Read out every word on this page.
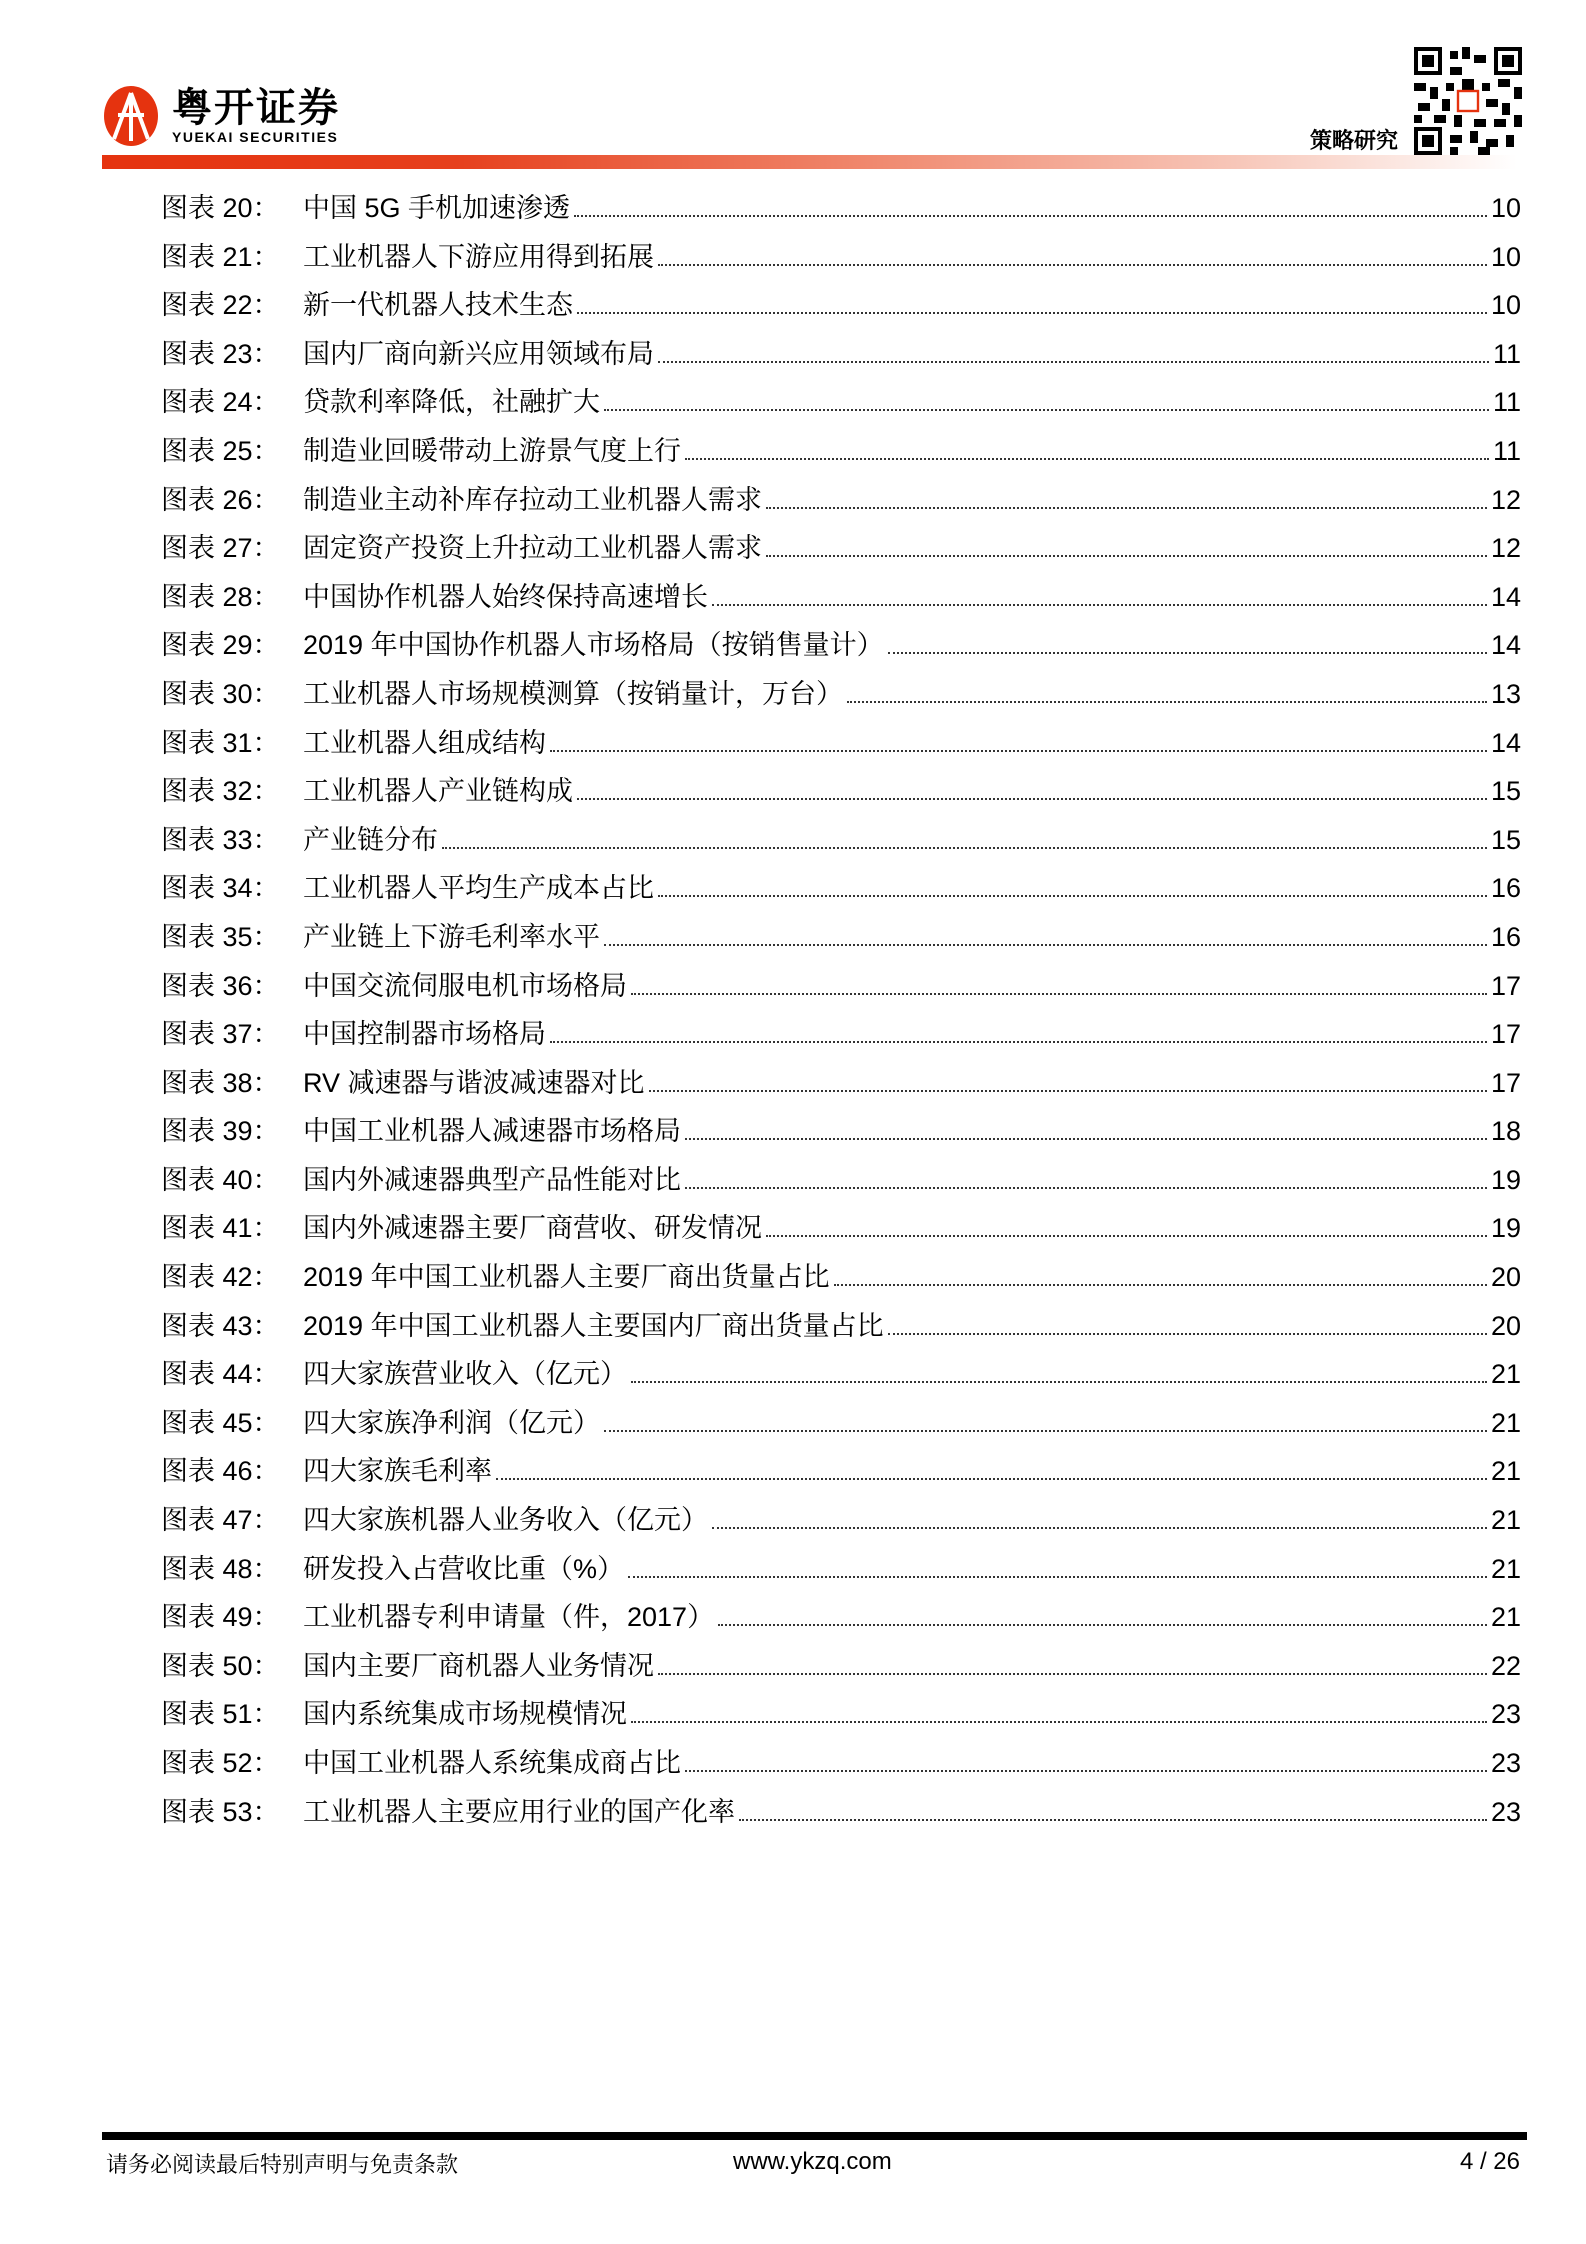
粤开证券
YUEKAI SECURITIES	策略研究
图表 20： 中国 5G 手机加速渗透	10
图表 21： 工业机器人下游应用得到拓展	10
图表 22： 新一代机器人技术生态	10
图表 23： 国内厂商向新兴应用领域布局	11
图表 24： 贷款利率降低，社融扩大	11
图表 25： 制造业回暖带动上游景气度上行	11
图表 26： 制造业主动补库存拉动工业机器人需求	12
图表 27： 固定资产投资上升拉动工业机器人需求	12
图表 28： 中国协作机器人始终保持高速增长	14
图表 29： 2019 年中国协作机器人市场格局（按销售量计）	14
图表 30： 工业机器人市场规模测算（按销量计，万台）	13
图表 31： 工业机器人组成结构	14
图表 32： 工业机器人产业链构成	15
图表 33： 产业链分布	15
图表 34： 工业机器人平均生产成本占比	16
图表 35： 产业链上下游毛利率水平	16
图表 36： 中国交流伺服电机市场格局	17
图表 37： 中国控制器市场格局	17
图表 38： RV 减速器与谐波减速器对比	17
图表 39： 中国工业机器人减速器市场格局	18
图表 40： 国内外减速器典型产品性能对比	19
图表 41： 国内外减速器主要厂商营收、研发情况	19
图表 42： 2019 年中国工业机器人主要厂商出货量占比	20
图表 43： 2019 年中国工业机器人主要国内厂商出货量占比	20
图表 44： 四大家族营业收入（亿元）	21
图表 45： 四大家族净利润（亿元）	21
图表 46： 四大家族毛利率	21
图表 47： 四大家族机器人业务收入（亿元）	21
图表 48： 研发投入占营收比重（%）	21
图表 49： 工业机器专利申请量（件，2017）	21
图表 50： 国内主要厂商机器人业务情况	22
图表 51： 国内系统集成市场规模情况	23
图表 52： 中国工业机器人系统集成商占比	23
图表 53： 工业机器人主要应用行业的国产化率	23
请务必阅读最后特别声明与免责条款	www.ykzq.com	4 / 26
